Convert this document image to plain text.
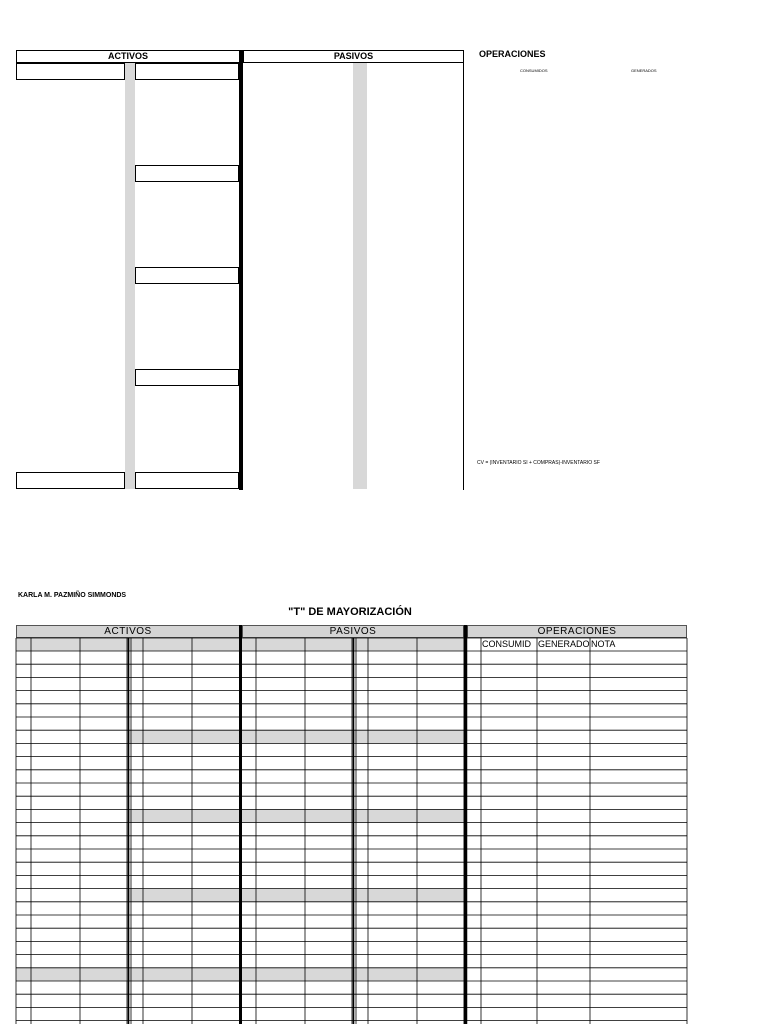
ACTIVOS	PASIVOS	OPERACIONES
CONSUMIDOS	GENERADOS
CV = (INVENTARIO SI + COMPRAS)-INVENTARIO SF
KARLA M. PAZMIÑO SIMMONDS
"T" DE MAYORIZACIÓN
ACTIVOS	PASIVOS	OPERACIONES
CONSUMID GENERADO NOTA
